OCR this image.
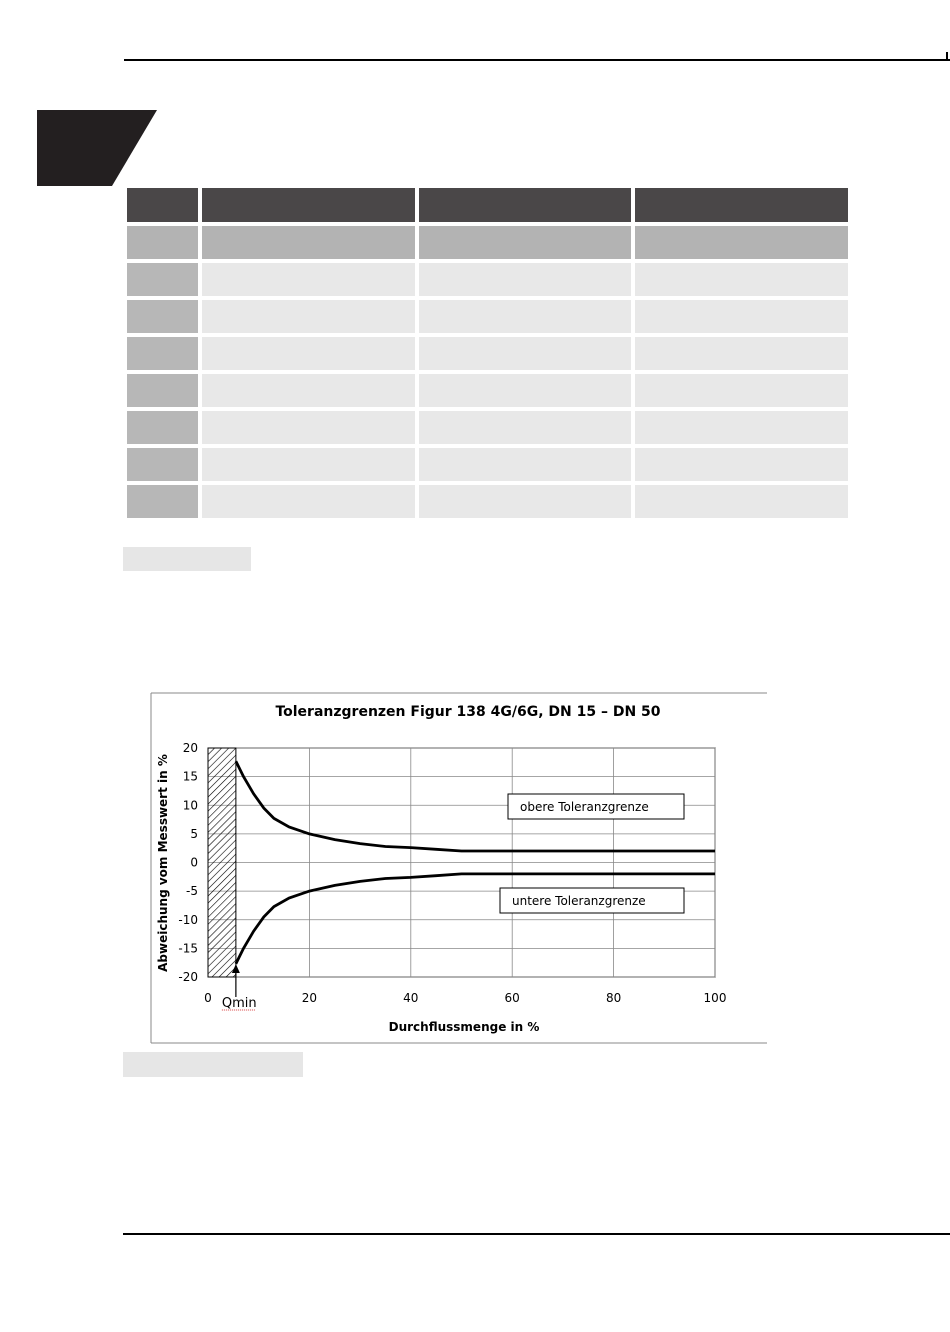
Toleranzgrenzen Figur 138 4G/6G, DN 15 – DN 50
20
15
10
5
0
-5
-10
-15
-20
0	20	40	60	80	100
Abweichung vom Messwert in %
Durchflussmenge in %
obere Toleranzgrenze
untere Toleranzgrenze
Qmin
